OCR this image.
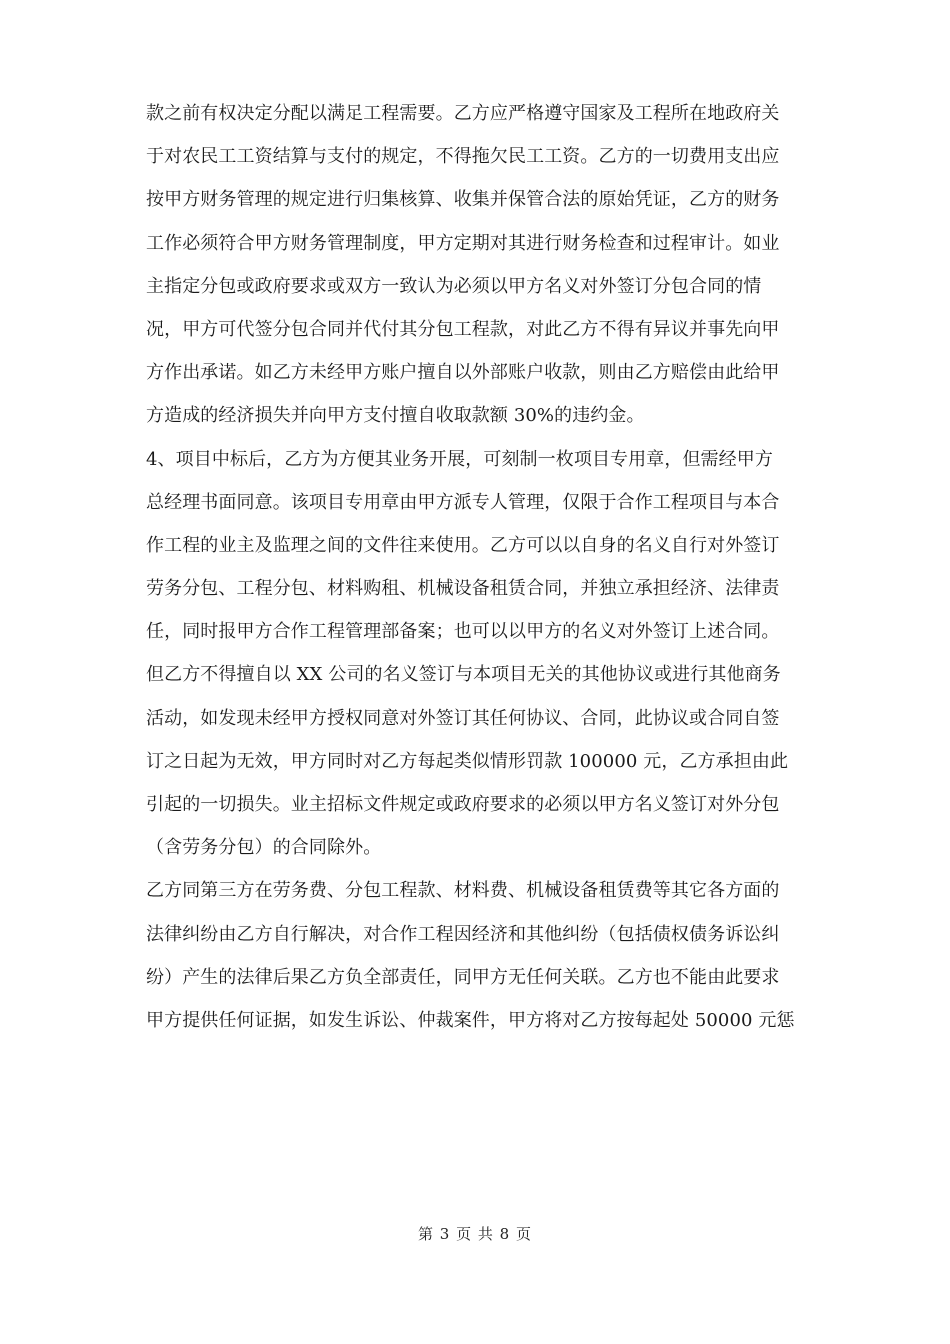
款之前有权决定分配以满足工程需要。乙方应严格遵守国家及工程所在地政府关
于对农民工工资结算与支付的规定，不得拖欠民工工资。乙方的一切费用支出应
按甲方财务管理的规定进行归集核算、收集并保管合法的原始凭证，乙方的财务
工作必须符合甲方财务管理制度，甲方定期对其进行财务检查和过程审计。如业
主指定分包或政府要求或双方一致认为必须以甲方名义对外签订分包合同的情
况，甲方可代签分包合同并代付其分包工程款，对此乙方不得有异议并事先向甲
方作出承诺。如乙方未经甲方账户擅自以外部账户收款，则由乙方赔偿由此给甲
方造成的经济损失并向甲方支付擅自收取款额 30%的违约金。
4、项目中标后，乙方为方便其业务开展，可刻制一枚项目专用章，但需经甲方
总经理书面同意。该项目专用章由甲方派专人管理，仅限于合作工程项目与本合
作工程的业主及监理之间的文件往来使用。乙方可以以自身的名义自行对外签订
劳务分包、工程分包、材料购租、机械设备租赁合同，并独立承担经济、法律责
任，同时报甲方合作工程管理部备案；也可以以甲方的名义对外签订上述合同。
但乙方不得擅自以 XX 公司的名义签订与本项目无关的其他协议或进行其他商务
活动，如发现未经甲方授权同意对外签订其任何协议、合同，此协议或合同自签
订之日起为无效，甲方同时对乙方每起类似情形罚款 100000 元，乙方承担由此
引起的一切损失。业主招标文件规定或政府要求的必须以甲方名义签订对外分包
（含劳务分包）的合同除外。
乙方同第三方在劳务费、分包工程款、材料费、机械设备租赁费等其它各方面的
法律纠纷由乙方自行解决，对合作工程因经济和其他纠纷（包括债权债务诉讼纠
纷）产生的法律后果乙方负全部责任，同甲方无任何关联。乙方也不能由此要求
甲方提供任何证据，如发生诉讼、仲裁案件，甲方将对乙方按每起处 50000 元惩
第 3 页 共 8 页
